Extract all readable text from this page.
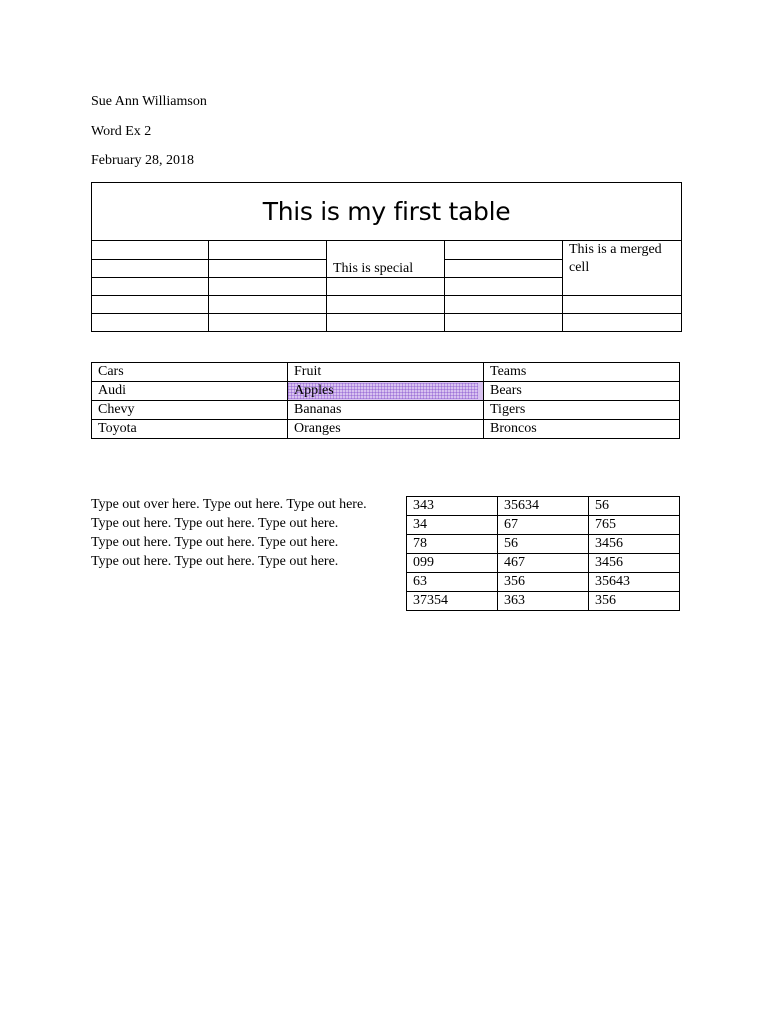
Sue Ann Williamson
Word Ex 2
February 28, 2018
This is my first table				
		This is special		This is a merged cell

Cars	Fruit	Teams
Audi	Apples	Bears
Chevy	Bananas	Tigers
Toyota	Oranges	Broncos
Type out over here. Type out here. Type out here.
Type out here. Type out here. Type out here.
Type out here. Type out here. Type out here.
Type out here. Type out here. Type out here.
343	35634	56
34	67	765
78	56	3456
099	467	3456
63	356	35643
37354	363	356
